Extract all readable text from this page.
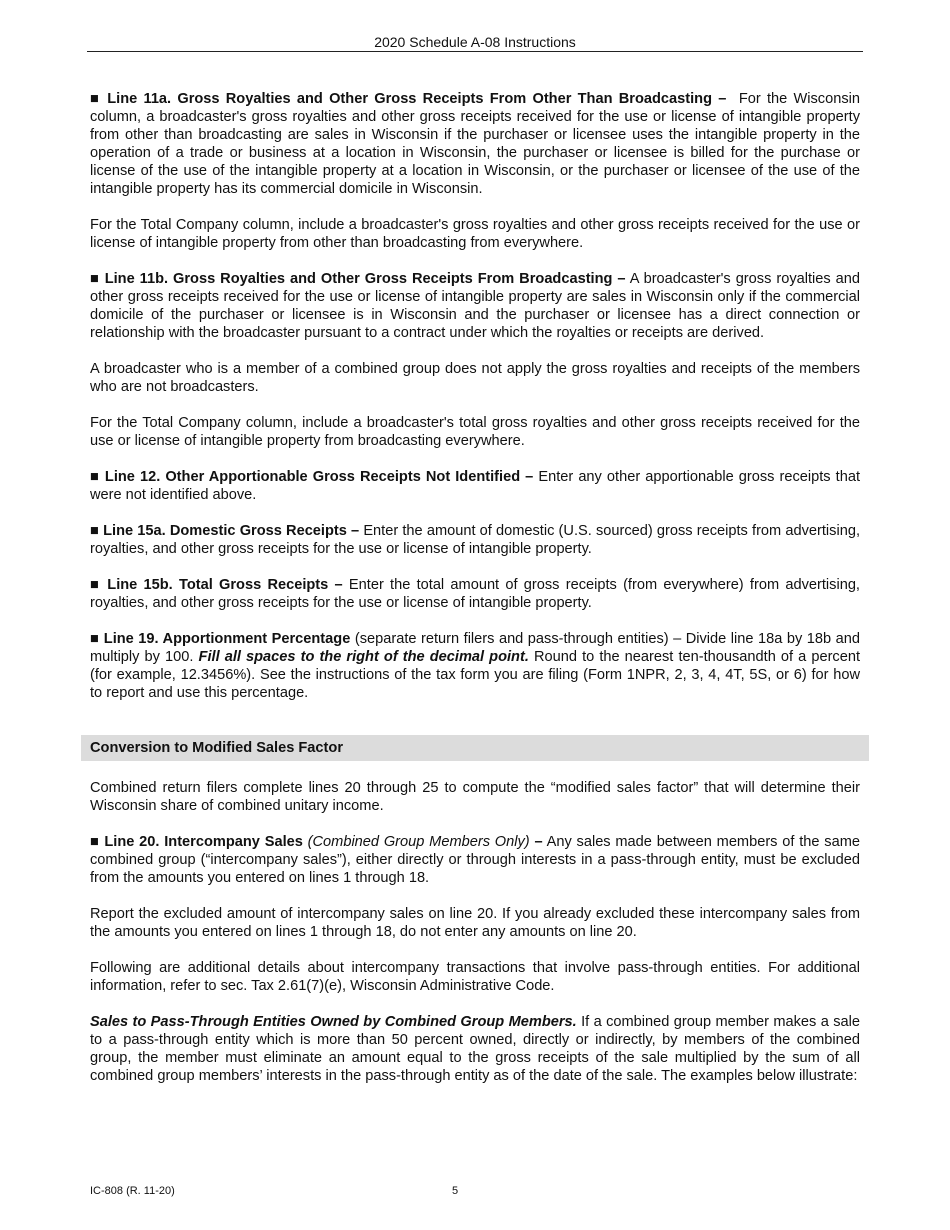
2020 Schedule A-08 Instructions

■ Line 11a. Gross Royalties and Other Gross Receipts From Other Than Broadcasting – For the Wisconsin column, a broadcaster's gross royalties and other gross receipts received for the use or license of intangible property from other than broadcasting are sales in Wisconsin if the purchaser or licensee uses the intangible property in the operation of a trade or business at a location in Wisconsin, the purchaser or licensee is billed for the purchase or license of the use of the intangible property at a location in Wisconsin, or the purchaser or licensee of the use of the intangible property has its commercial domicile in Wisconsin.

For the Total Company column, include a broadcaster's gross royalties and other gross receipts received for the use or license of intangible property from other than broadcasting from everywhere.

■ Line 11b. Gross Royalties and Other Gross Receipts From Broadcasting – A broadcaster's gross royalties and other gross receipts received for the use or license of intangible property are sales in Wisconsin only if the commercial domicile of the purchaser or licensee is in Wisconsin and the purchaser or licensee has a direct connection or relationship with the broadcaster pursuant to a contract under which the royalties or receipts are derived.

A broadcaster who is a member of a combined group does not apply the gross royalties and receipts of the members who are not broadcasters.

For the Total Company column, include a broadcaster's total gross royalties and other gross receipts received for the use or license of intangible property from broadcasting everywhere.

■ Line 12. Other Apportionable Gross Receipts Not Identified – Enter any other apportionable gross receipts that were not identified above.

■ Line 15a. Domestic Gross Receipts – Enter the amount of domestic (U.S. sourced) gross receipts from advertising, royalties, and other gross receipts for the use or license of intangible property.

■ Line 15b. Total Gross Receipts – Enter the total amount of gross receipts (from everywhere) from advertising, royalties, and other gross receipts for the use or license of intangible property.

■ Line 19. Apportionment Percentage (separate return filers and pass-through entities) – Divide line 18a by 18b and multiply by 100. Fill all spaces to the right of the decimal point. Round to the nearest ten-thousandth of a percent (for example, 12.3456%). See the instructions of the tax form you are filing (Form 1NPR, 2, 3, 4, 4T, 5S, or 6) for how to report and use this percentage.

Conversion to Modified Sales Factor

Combined return filers complete lines 20 through 25 to compute the “modified sales factor” that will determine their Wisconsin share of combined unitary income.

■ Line 20. Intercompany Sales (Combined Group Members Only) – Any sales made between members of the same combined group (“intercompany sales”), either directly or through interests in a pass-through entity, must be excluded from the amounts you entered on lines 1 through 18.

Report the excluded amount of intercompany sales on line 20. If you already excluded these intercompany sales from the amounts you entered on lines 1 through 18, do not enter any amounts on line 20.

Following are additional details about intercompany transactions that involve pass-through entities. For additional information, refer to sec. Tax 2.61(7)(e), Wisconsin Administrative Code.

Sales to Pass-Through Entities Owned by Combined Group Members. If a combined group member makes a sale to a pass-through entity which is more than 50 percent owned, directly or indirectly, by members of the combined group, the member must eliminate an amount equal to the gross receipts of the sale multiplied by the sum of all combined group members’ interests in the pass-through entity as of the date of the sale. The examples below illustrate:

IC-808 (R. 11-20)	5
